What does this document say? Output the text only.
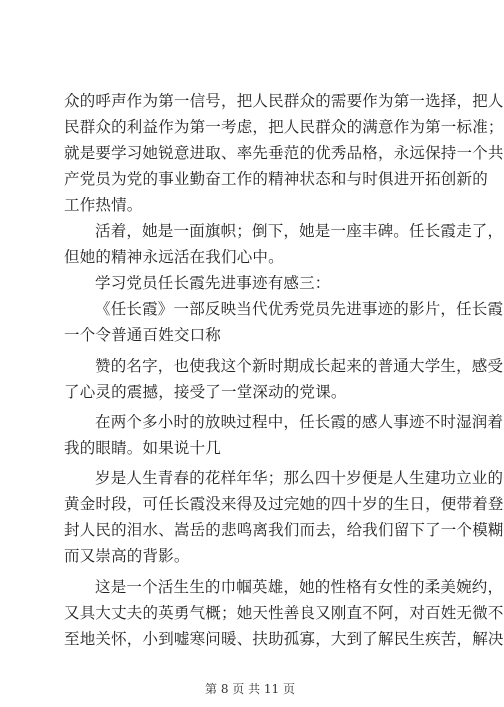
众的呼声作为第一信号，把人民群众的需要作为第一选择，把人
民群众的利益作为第一考虑，把人民群众的满意作为第一标准；
就是要学习她锐意进取、率先垂范的优秀品格，永远保持一个共
产党员为党的事业勤奋工作的精神状态和与时俱进开拓创新的
工作热情。
活着，她是一面旗帜；倒下，她是一座丰碑。任长霞走了，
但她的精神永远活在我们心中。
学习党员任长霞先进事迹有感三：
《任长霞》一部反映当代优秀党员先进事迹的影片，任长霞
一个令普通百姓交口称
赞的名字，也使我这个新时期成长起来的普通大学生，感受
了心灵的震撼，接受了一堂深动的党课。
在两个多小时的放映过程中，任长霞的感人事迹不时湿润着
我的眼睛。如果说十几
岁是人生青春的花样年华；那么四十岁便是人生建功立业的
黄金时段，可任长霞没来得及过完她的四十岁的生日，便带着登
封人民的泪水、嵩岳的悲鸣离我们而去，给我们留下了一个模糊
而又崇高的背影。
这是一个活生生的巾帼英雄，她的性格有女性的柔美婉约，
又具大丈夫的英勇气概；她天性善良又刚直不阿，对百姓无微不
至地关怀，小到嘘寒问暖、扶助孤寡，大到了解民生疾苦，解决
第 8 页 共 11 页
